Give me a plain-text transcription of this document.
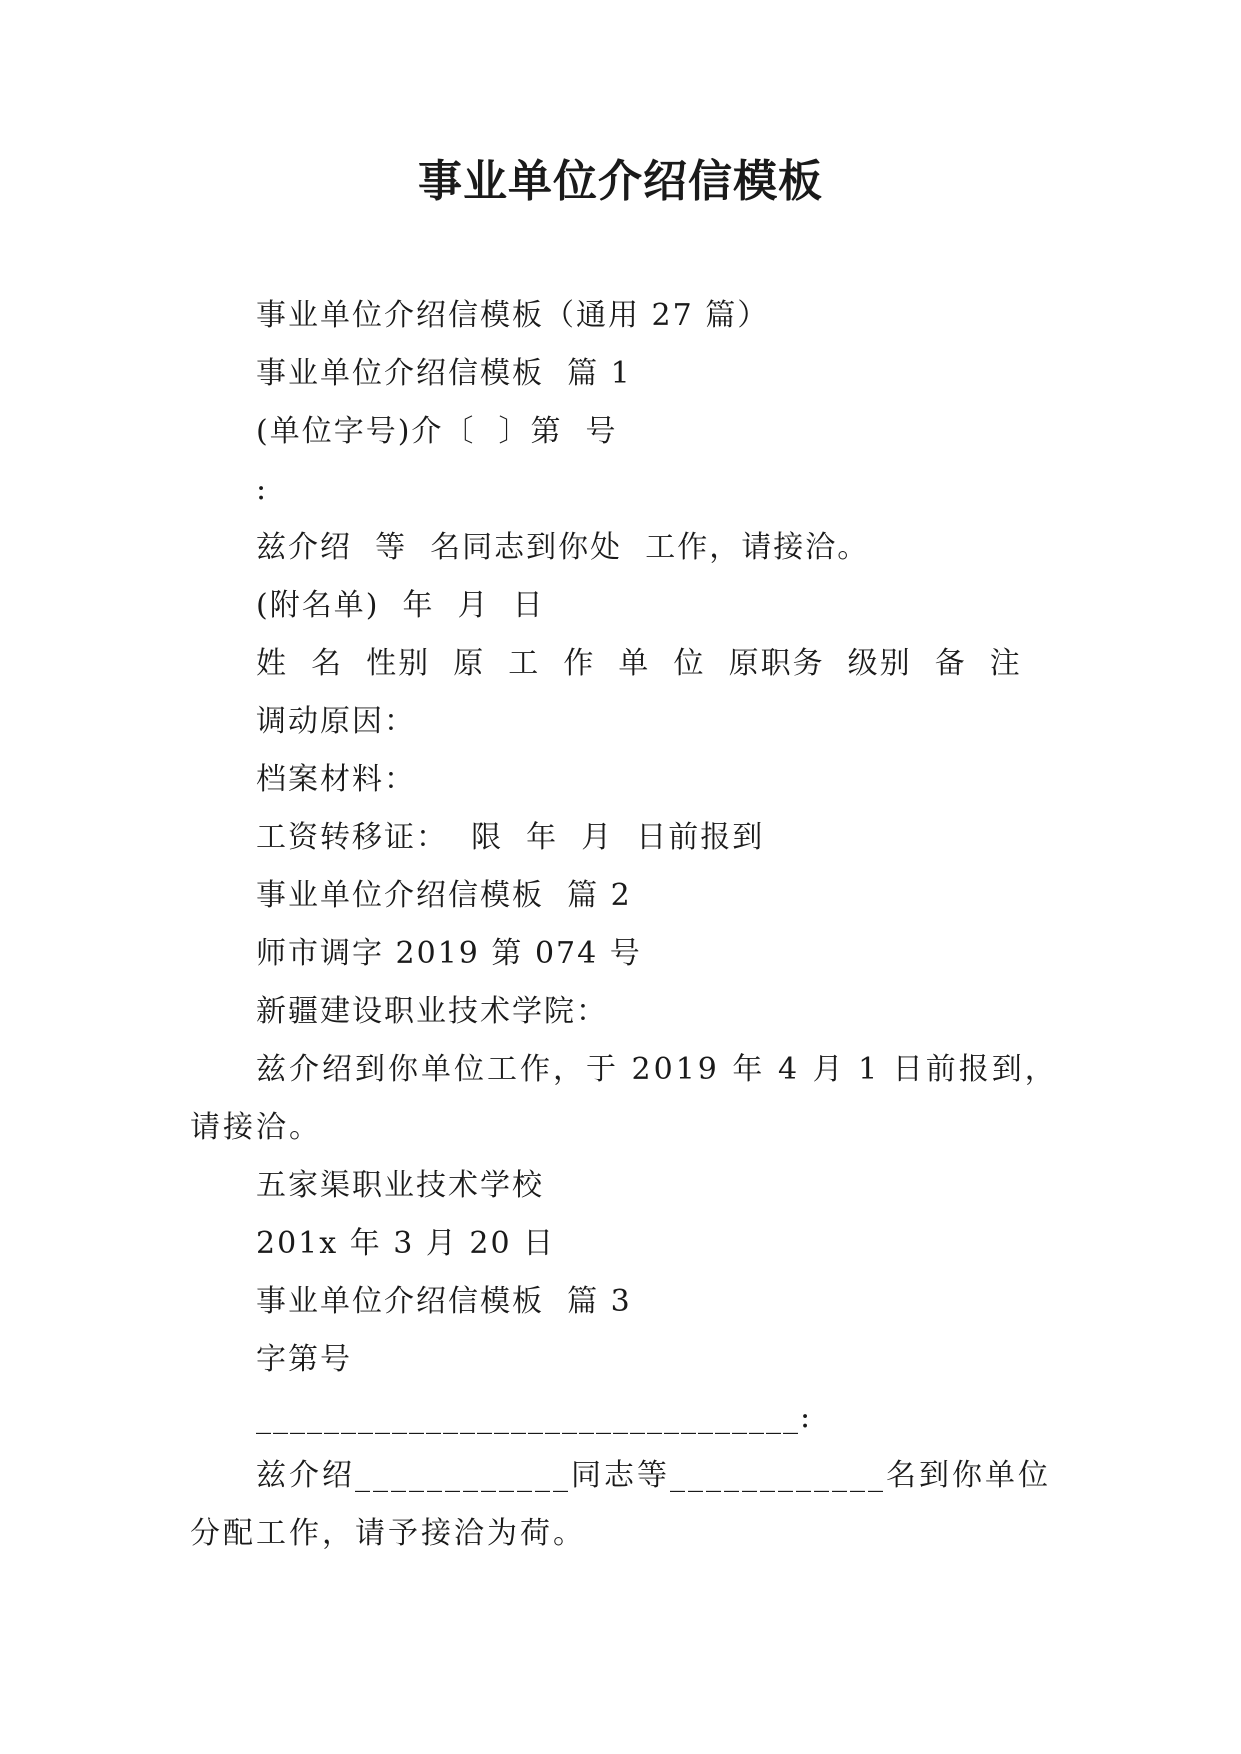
事业单位介绍信模板

事业单位介绍信模板（通用 27 篇）

事业单位介绍信模板  篇 1

(单位字号)介〔  〕第  号

:

兹介绍  等  名同志到你处  工作，请接洽。

(附名单)  年  月  日

姓  名  性别  原  工  作  单  位  原职务  级别  备  注

调动原因：

档案材料：

工资转移证：  限  年  月  日前报到

事业单位介绍信模板  篇 2

师市调字 2019 第 074 号

新疆建设职业技术学院：

兹介绍到你单位工作，于 2019 年 4 月 1 日前报到，请接洽。

五家渠职业技术学校

201x 年 3 月 20 日

事业单位介绍信模板  篇 3

字第号

________________________________:

兹介绍____________同志等____________名到你单位分配工作，请予接洽为荷。
